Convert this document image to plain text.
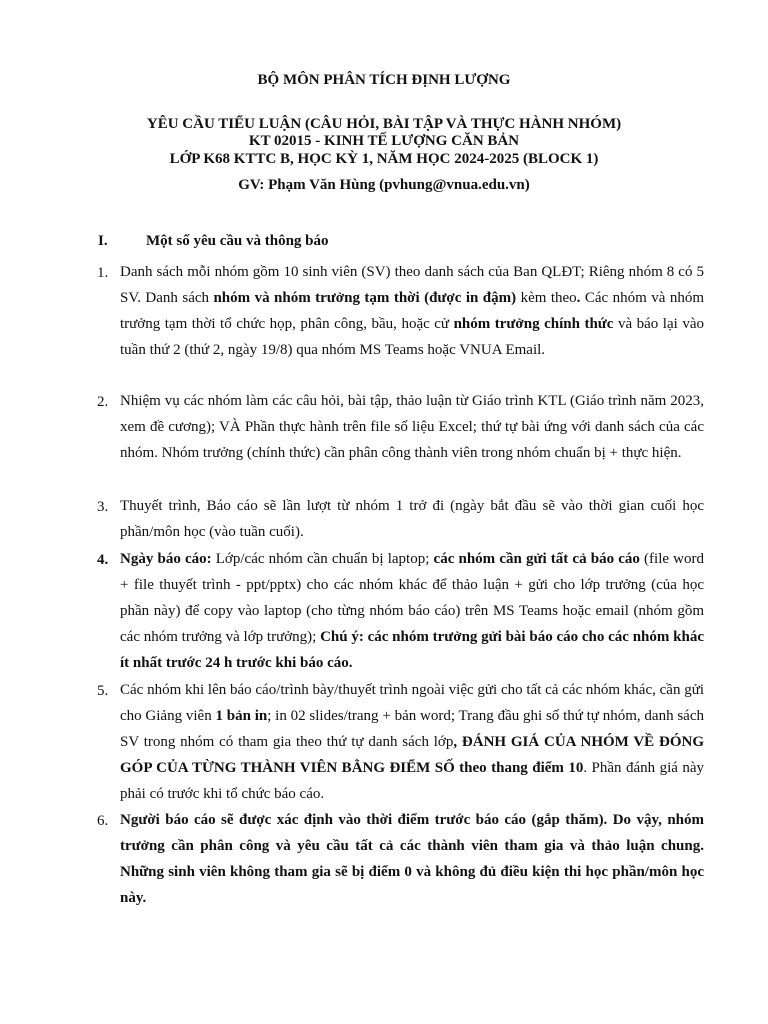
BỘ MÔN PHÂN TÍCH ĐỊNH LƯỢNG
YÊU CẦU TIỂU LUẬN (CÂU HỎI, BÀI TẬP VÀ THỰC HÀNH NHÓM)
KT 02015 - KINH TẾ LƯỢNG CĂN BẢN
LỚP K68 KTTC B, HỌC KỲ 1, NĂM HỌC 2024-2025 (BLOCK 1)
GV: Phạm Văn Hùng (pvhung@vnua.edu.vn)
I.	Một số yêu cầu và thông báo
1. Danh sách mỗi nhóm gồm 10 sinh viên (SV) theo danh sách của Ban QLĐT; Riêng nhóm 8 có 5 SV. Danh sách nhóm và nhóm trưởng tạm thời (được in đậm) kèm theo. Các nhóm và nhóm trưởng tạm thời tổ chức họp, phân công, bầu, hoặc cử nhóm trưởng chính thức và báo lại vào tuần thứ 2 (thứ 2, ngày 19/8) qua nhóm MS Teams hoặc VNUA Email.
2. Nhiệm vụ các nhóm làm các câu hỏi, bài tập, thảo luận từ Giáo trình KTL (Giáo trình năm 2023, xem đề cương); VÀ Phần thực hành trên file số liệu Excel; thứ tự bài ứng với danh sách của các nhóm. Nhóm trưởng (chính thức) cần phân công thành viên trong nhóm chuẩn bị + thực hiện.
3. Thuyết trình, Báo cáo sẽ lần lượt từ nhóm 1 trở đi (ngày bắt đầu sẽ vào thời gian cuối học phần/môn học (vào tuần cuối).
4. Ngày báo cáo: Lớp/các nhóm cần chuẩn bị laptop; các nhóm cần gửi tất cả báo cáo (file word + file thuyết trình - ppt/pptx) cho các nhóm khác để thảo luận + gửi cho lớp trưởng (của học phần này) để copy vào laptop (cho từng nhóm báo cáo) trên MS Teams hoặc email (nhóm gồm các nhóm trưởng và lớp trưởng); Chú ý: các nhóm trưởng gửi bài báo cáo cho các nhóm khác ít nhất trước 24 h trước khi báo cáo.
5. Các nhóm khi lên báo cáo/trình bày/thuyết trình ngoài việc gửi cho tất cả các nhóm khác, cần gửi cho Giảng viên 1 bản in; in 02 slides/trang + bản word; Trang đầu ghi số thứ tự nhóm, danh sách SV trong nhóm có tham gia theo thứ tự danh sách lớp, ĐÁNH GIÁ CỦA NHÓM VỀ ĐÓNG GÓP CỦA TỪNG THÀNH VIÊN BẰNG ĐIỂM SỐ theo thang điểm 10. Phần đánh giá này phải có trước khi tổ chức báo cáo.
6. Người báo cáo sẽ được xác định vào thời điểm trước báo cáo (gắp thăm). Do vậy, nhóm trưởng cần phân công và yêu cầu tất cả các thành viên tham gia và thảo luận chung. Những sinh viên không tham gia sẽ bị điểm 0 và không đủ điều kiện thi học phần/môn học này.
